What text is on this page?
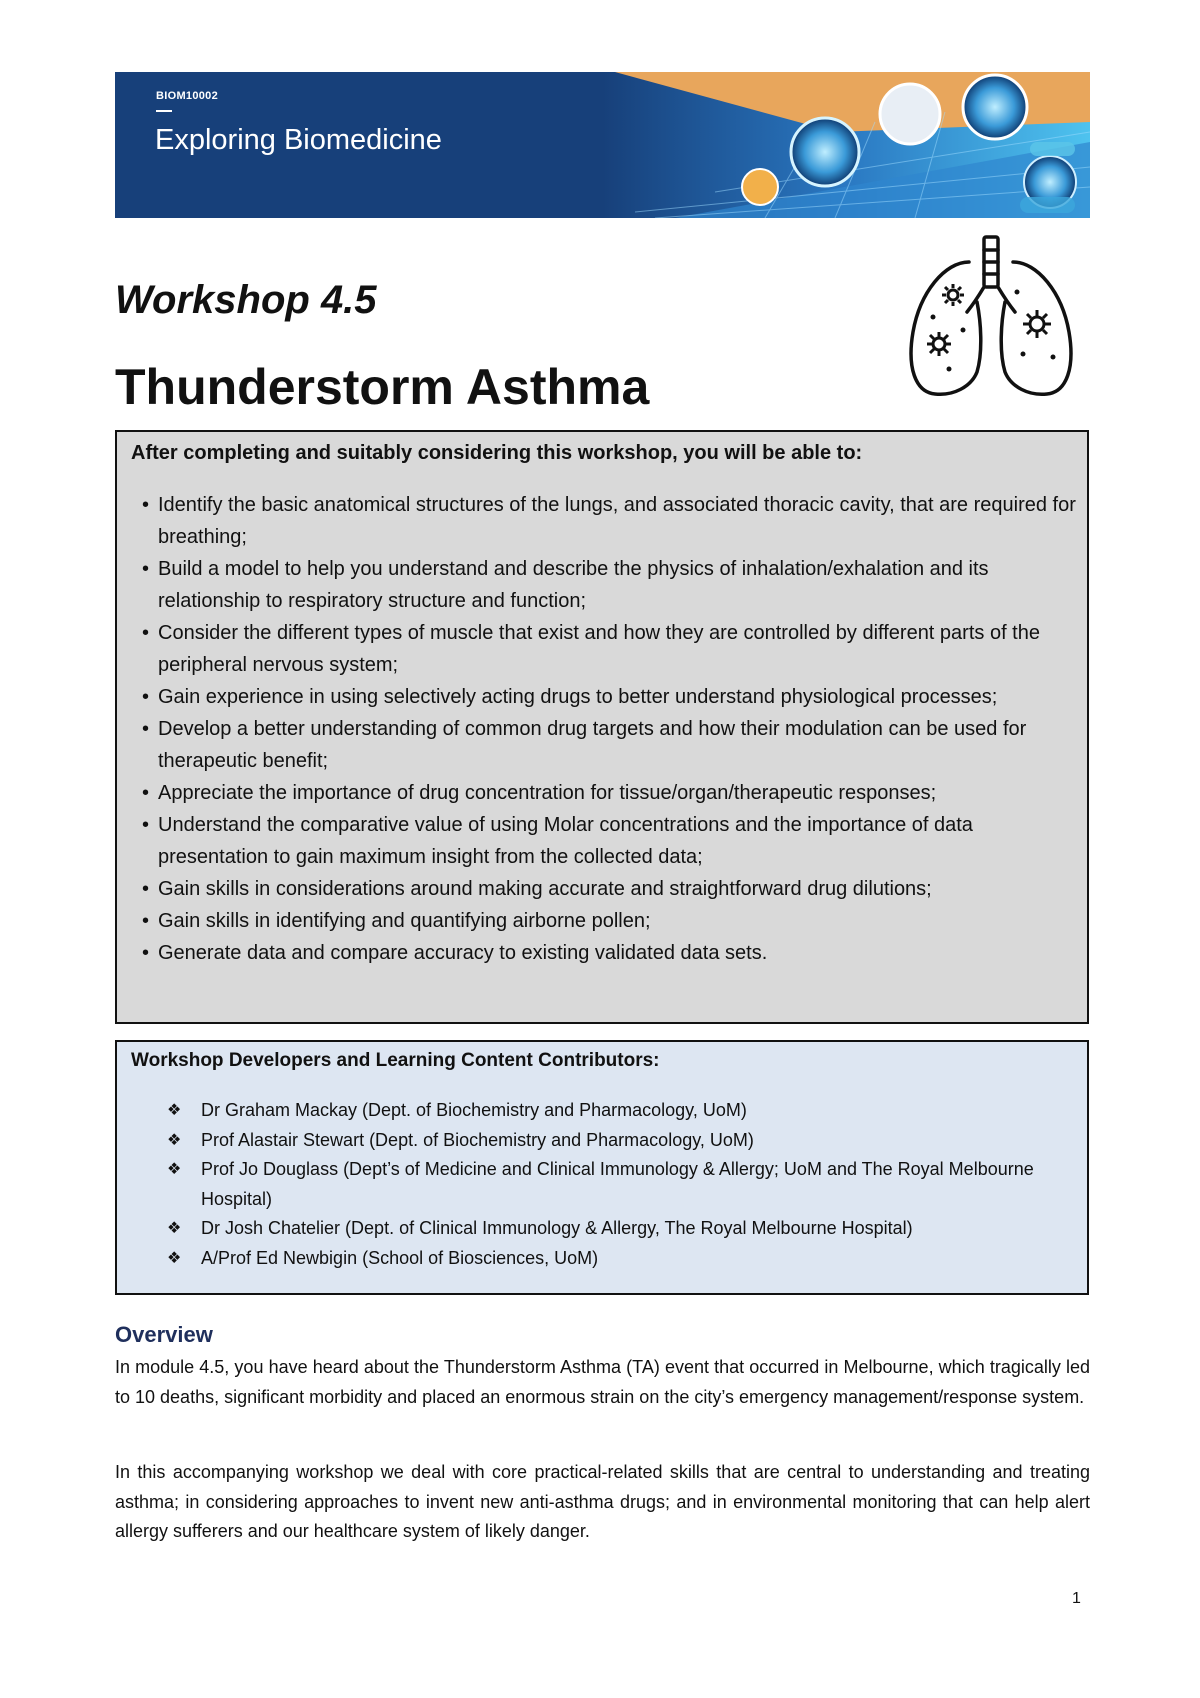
BIOM10002
Exploring Biomedicine
Workshop 4.5
Thunderstorm Asthma

After completing and suitably considering this workshop, you will be able to:

• Identify the basic anatomical structures of the lungs, and associated thoracic cavity, that are required for breathing;
• Build a model to help you understand and describe the physics of inhalation/exhalation and its relationship to respiratory structure and function;
• Consider the different types of muscle that exist and how they are controlled by different parts of the peripheral nervous system;
• Gain experience in using selectively acting drugs to better understand physiological processes;
• Develop a better understanding of common drug targets and how their modulation can be used for therapeutic benefit;
• Appreciate the importance of drug concentration for tissue/organ/therapeutic responses;
• Understand the comparative value of using Molar concentrations and the importance of data presentation to gain maximum insight from the collected data;
• Gain skills in considerations around making accurate and straightforward drug dilutions;
• Gain skills in identifying and quantifying airborne pollen;
• Generate data and compare accuracy to existing validated data sets.

Workshop Developers and Learning Content Contributors:

❖ Dr Graham Mackay (Dept. of Biochemistry and Pharmacology, UoM)
❖ Prof Alastair Stewart (Dept. of Biochemistry and Pharmacology, UoM)
❖ Prof Jo Douglass (Dept’s of Medicine and Clinical Immunology & Allergy; UoM and The Royal Melbourne Hospital)
❖ Dr Josh Chatelier (Dept. of Clinical Immunology & Allergy, The Royal Melbourne Hospital)
❖ A/Prof Ed Newbigin (School of Biosciences, UoM)
Overview

In module 4.5, you have heard about the Thunderstorm Asthma (TA) event that occurred in Melbourne, which tragically led to 10 deaths, significant morbidity and placed an enormous strain on the city’s emergency management/response system.

In this accompanying workshop we deal with core practical-related skills that are central to understanding and treating asthma; in considering approaches to invent new anti-asthma drugs; and in environmental monitoring that can help alert allergy sufferers and our healthcare system of likely danger.

1
